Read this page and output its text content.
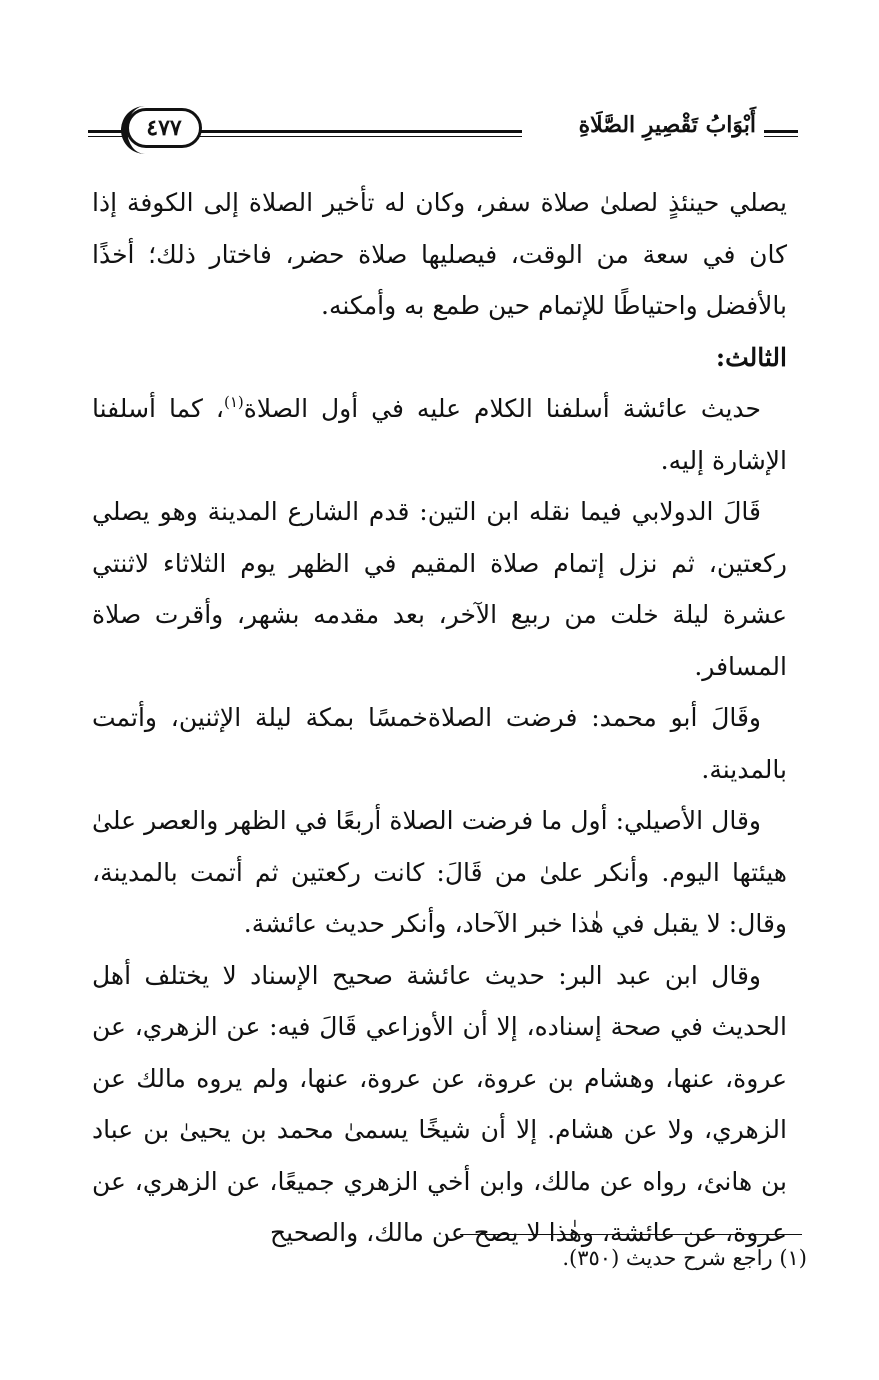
أَبْوَابُ تَقْصِيرِ الصَّلَاةِ
٤٧٧

يصلي حينئذٍ لصلىٰ صلاة سفر، وكان له تأخير الصلاة إلى الكوفة إذا كان في سعة من الوقت، فيصليها صلاة حضر، فاختار ذلك؛ أخذًا بالأفضل واحتياطًا للإتمام حين طمع به وأمكنه.

الثالث:

حديث عائشة أسلفنا الكلام عليه في أول الصلاة$^{(١)}$، كما أسلفنا الإشارة إليه.

قَالَ الدولابي فيما نقله ابن التين: قدم الشارع المدينة وهو يصلي ركعتين، ثم نزل إتمام صلاة المقيم في الظهر يوم الثلاثاء لاثنتي عشرة ليلة خلت من ربيع الآخر، بعد مقدمه بشهر، وأقرت صلاة المسافر.

وقَالَ أبو محمد: فرضت الصلاةخمسًا بمكة ليلة الإثنين، وأتمت بالمدينة.

وقال الأصيلي: أول ما فرضت الصلاة أربعًا في الظهر والعصر علىٰ هيئتها اليوم. وأنكر علىٰ من قَالَ: كانت ركعتين ثم أتمت بالمدينة، وقال: لا يقبل في هٰذا خبر الآحاد، وأنكر حديث عائشة.

وقال ابن عبد البر: حديث عائشة صحيح الإسناد لا يختلف أهل الحديث في صحة إسناده، إلا أن الأوزاعي قَالَ فيه: عن الزهري، عن عروة، عنها، وهشام بن عروة، عن عروة، عنها، ولم يروه مالك عن الزهري، ولا عن هشام. إلا أن شيخًا يسمىٰ محمد بن يحيىٰ بن عباد بن هانئ، رواه عن مالك، وابن أخي الزهري جميعًا، عن الزهري، عن عروة، عن عائشة، وهٰذا لا يصح عن مالك، والصحيح

(١) راجع شرح حديث (٣٥٠).
